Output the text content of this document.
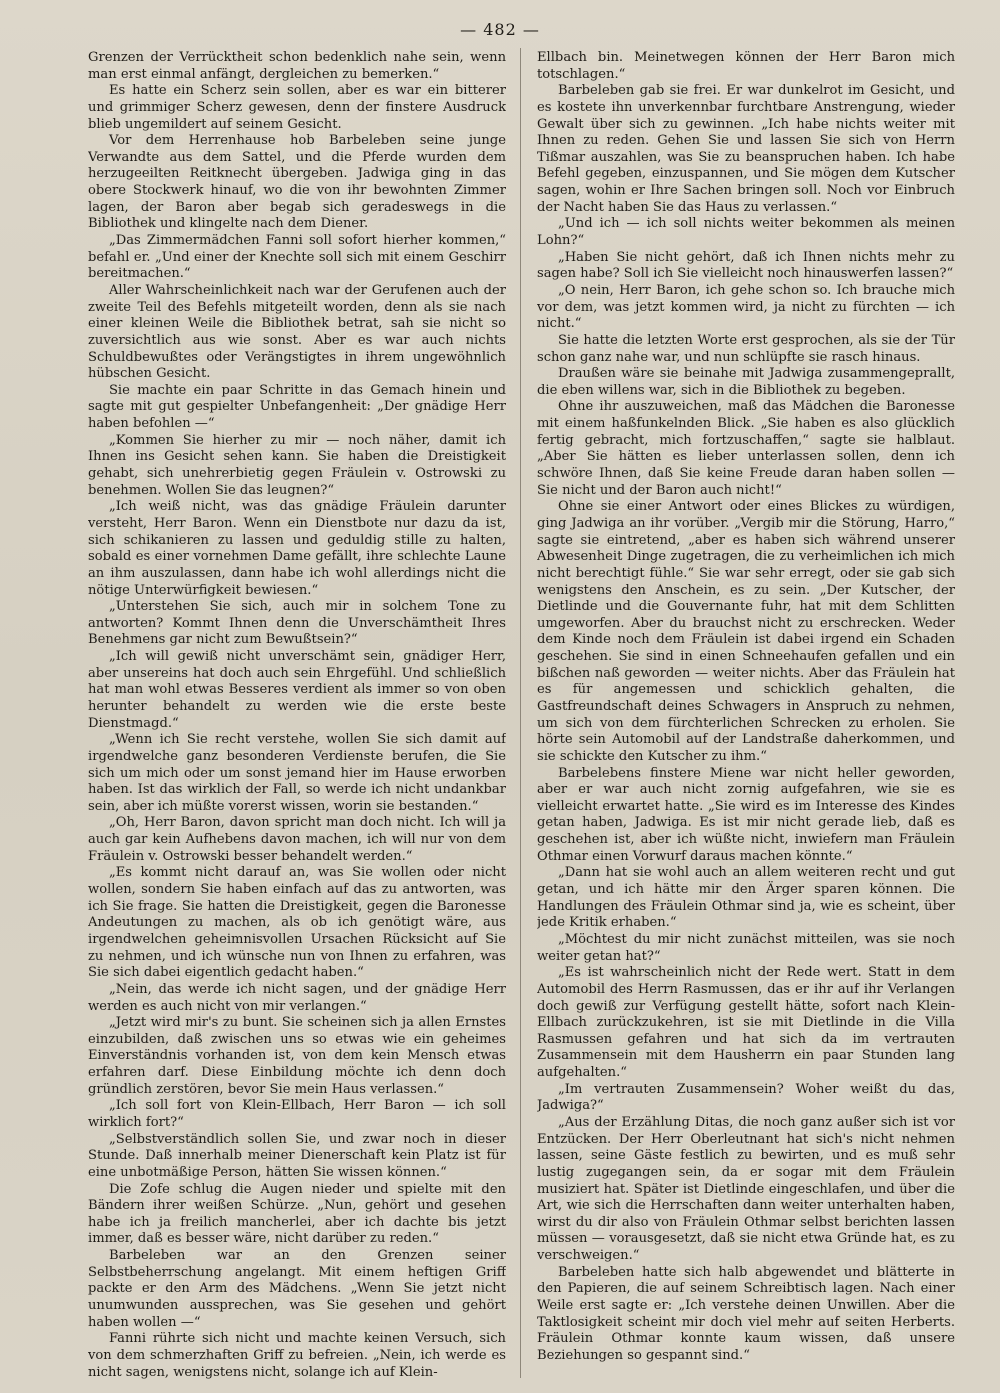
— 482 —

Grenzen der Verrücktheit schon bedenklich nahe sein, wenn man erst einmal anfängt, dergleichen zu bemerken.“

Es hatte ein Scherz sein sollen, aber es war ein bitterer und grimmiger Scherz gewesen, denn der finstere Ausdruck blieb ungemildert auf seinem Gesicht.

Vor dem Herrenhause hob Barbeleben seine junge Verwandte aus dem Sattel, und die Pferde wurden dem herzugeeilten Reitknecht übergeben. Jadwiga ging in das obere Stockwerk hinauf, wo die von ihr bewohnten Zimmer lagen, der Baron aber begab sich geradeswegs in die Bibliothek und klingelte nach dem Diener.

„Das Zimmermädchen Fanni soll sofort hierher kommen,“ befahl er. „Und einer der Knechte soll sich mit einem Geschirr bereitmachen.“

Aller Wahrscheinlichkeit nach war der Gerufenen auch der zweite Teil des Befehls mitgeteilt worden, denn als sie nach einer kleinen Weile die Bibliothek betrat, sah sie nicht so zuversichtlich aus wie sonst. Aber es war auch nichts Schuldbewußtes oder Verängstigtes in ihrem ungewöhnlich hübschen Gesicht.

Sie machte ein paar Schritte in das Gemach hinein und sagte mit gut gespielter Unbefangenheit: „Der gnädige Herr haben befohlen —“

„Kommen Sie hierher zu mir — noch näher, damit ich Ihnen ins Gesicht sehen kann. Sie haben die Dreistigkeit gehabt, sich unehrerbietig gegen Fräulein v. Ostrowski zu benehmen. Wollen Sie das leugnen?“

„Ich weiß nicht, was das gnädige Fräulein darunter versteht, Herr Baron. Wenn ein Dienstbote nur dazu da ist, sich schikanieren zu lassen und geduldig stille zu halten, sobald es einer vornehmen Dame gefällt, ihre schlechte Laune an ihm auszulassen, dann habe ich wohl allerdings nicht die nötige Unterwürfigkeit bewiesen.“

„Unterstehen Sie sich, auch mir in solchem Tone zu antworten? Kommt Ihnen denn die Unverschämtheit Ihres Benehmens gar nicht zum Bewußtsein?“

„Ich will gewiß nicht unverschämt sein, gnädiger Herr, aber unsereins hat doch auch sein Ehrgefühl. Und schließlich hat man wohl etwas Besseres verdient als immer so von oben herunter behandelt zu werden wie die erste beste Dienstmagd.“

„Wenn ich Sie recht verstehe, wollen Sie sich damit auf irgendwelche ganz besonderen Verdienste berufen, die Sie sich um mich oder um sonst jemand hier im Hause erworben haben. Ist das wirklich der Fall, so werde ich nicht undankbar sein, aber ich müßte vorerst wissen, worin sie bestanden.“

„Oh, Herr Baron, davon spricht man doch nicht. Ich will ja auch gar kein Aufhebens davon machen, ich will nur von dem Fräulein v. Ostrowski besser behandelt werden.“

„Es kommt nicht darauf an, was Sie wollen oder nicht wollen, sondern Sie haben einfach auf das zu antworten, was ich Sie frage. Sie hatten die Dreistigkeit, gegen die Baronesse Andeutungen zu machen, als ob ich genötigt wäre, aus irgendwelchen geheimnisvollen Ursachen Rücksicht auf Sie zu nehmen, und ich wünsche nun von Ihnen zu erfahren, was Sie sich dabei eigentlich gedacht haben.“

„Nein, das werde ich nicht sagen, und der gnädige Herr werden es auch nicht von mir verlangen.“

„Jetzt wird mir's zu bunt. Sie scheinen sich ja allen Ernstes einzubilden, daß zwischen uns so etwas wie ein geheimes Einverständnis vorhanden ist, von dem kein Mensch etwas erfahren darf. Diese Einbildung möchte ich denn doch gründlich zerstören, bevor Sie mein Haus verlassen.“

„Ich soll fort von Klein-Ellbach, Herr Baron — ich soll wirklich fort?“

„Selbstverständlich sollen Sie, und zwar noch in dieser Stunde. Daß innerhalb meiner Dienerschaft kein Platz ist für eine unbotmäßige Person, hätten Sie wissen können.“

Die Zofe schlug die Augen nieder und spielte mit den Bändern ihrer weißen Schürze. „Nun, gehört und gesehen habe ich ja freilich mancherlei, aber ich dachte bis jetzt immer, daß es besser wäre, nicht darüber zu reden.“

Barbeleben war an den Grenzen seiner Selbstbeherrschung angelangt. Mit einem heftigen Griff packte er den Arm des Mädchens. „Wenn Sie jetzt nicht unumwunden aussprechen, was Sie gesehen und gehört haben wollen —“

Fanni rührte sich nicht und machte keinen Versuch, sich von dem schmerzhaften Griff zu befreien. „Nein, ich werde es nicht sagen, wenigstens nicht, solange ich auf Klein-

Ellbach bin. Meinetwegen können der Herr Baron mich totschlagen.“

Barbeleben gab sie frei. Er war dunkelrot im Gesicht, und es kostete ihn unverkennbar furchtbare Anstrengung, wieder Gewalt über sich zu gewinnen. „Ich habe nichts weiter mit Ihnen zu reden. Gehen Sie und lassen Sie sich von Herrn Tißmar auszahlen, was Sie zu beanspruchen haben. Ich habe Befehl gegeben, einzuspannen, und Sie mögen dem Kutscher sagen, wohin er Ihre Sachen bringen soll. Noch vor Einbruch der Nacht haben Sie das Haus zu verlassen.“

„Und ich — ich soll nichts weiter bekommen als meinen Lohn?“

„Haben Sie nicht gehört, daß ich Ihnen nichts mehr zu sagen habe? Soll ich Sie vielleicht noch hinauswerfen lassen?“

„O nein, Herr Baron, ich gehe schon so. Ich brauche mich vor dem, was jetzt kommen wird, ja nicht zu fürchten — ich nicht.“

Sie hatte die letzten Worte erst gesprochen, als sie der Tür schon ganz nahe war, und nun schlüpfte sie rasch hinaus.

Draußen wäre sie beinahe mit Jadwiga zusammengeprallt, die eben willens war, sich in die Bibliothek zu begeben.

Ohne ihr auszuweichen, maß das Mädchen die Baronesse mit einem haßfunkelnden Blick. „Sie haben es also glücklich fertig gebracht, mich fortzuschaffen,“ sagte sie halblaut. „Aber Sie hätten es lieber unterlassen sollen, denn ich schwöre Ihnen, daß Sie keine Freude daran haben sollen — Sie nicht und der Baron auch nicht!“

Ohne sie einer Antwort oder eines Blickes zu würdigen, ging Jadwiga an ihr vorüber. „Vergib mir die Störung, Harro,“ sagte sie eintretend, „aber es haben sich während unserer Abwesenheit Dinge zugetragen, die zu verheimlichen ich mich nicht berechtigt fühle.“ Sie war sehr erregt, oder sie gab sich wenigstens den Anschein, es zu sein. „Der Kutscher, der Dietlinde und die Gouvernante fuhr, hat mit dem Schlitten umgeworfen. Aber du brauchst nicht zu erschrecken. Weder dem Kinde noch dem Fräulein ist dabei irgend ein Schaden geschehen. Sie sind in einen Schneehaufen gefallen und ein bißchen naß geworden — weiter nichts. Aber das Fräulein hat es für angemessen und schicklich gehalten, die Gastfreundschaft deines Schwagers in Anspruch zu nehmen, um sich von dem fürchterlichen Schrecken zu erholen. Sie hörte sein Automobil auf der Landstraße daherkommen, und sie schickte den Kutscher zu ihm.“

Barbelebens finstere Miene war nicht heller geworden, aber er war auch nicht zornig aufgefahren, wie sie es vielleicht erwartet hatte. „Sie wird es im Interesse des Kindes getan haben, Jadwiga. Es ist mir nicht gerade lieb, daß es geschehen ist, aber ich wüßte nicht, inwiefern man Fräulein Othmar einen Vorwurf daraus machen könnte.“

„Dann hat sie wohl auch an allem weiteren recht und gut getan, und ich hätte mir den Ärger sparen können. Die Handlungen des Fräulein Othmar sind ja, wie es scheint, über jede Kritik erhaben.“

„Möchtest du mir nicht zunächst mitteilen, was sie noch weiter getan hat?“

„Es ist wahrscheinlich nicht der Rede wert. Statt in dem Automobil des Herrn Rasmussen, das er ihr auf ihr Verlangen doch gewiß zur Verfügung gestellt hätte, sofort nach Klein-Ellbach zurückzukehren, ist sie mit Dietlinde in die Villa Rasmussen gefahren und hat sich da im vertrauten Zusammensein mit dem Hausherrn ein paar Stunden lang aufgehalten.“

„Im vertrauten Zusammensein? Woher weißt du das, Jadwiga?“

„Aus der Erzählung Ditas, die noch ganz außer sich ist vor Entzücken. Der Herr Oberleutnant hat sich's nicht nehmen lassen, seine Gäste festlich zu bewirten, und es muß sehr lustig zugegangen sein, da er sogar mit dem Fräulein musiziert hat. Später ist Dietlinde eingeschlafen, und über die Art, wie sich die Herrschaften dann weiter unterhalten haben, wirst du dir also von Fräulein Othmar selbst berichten lassen müssen — vorausgesetzt, daß sie nicht etwa Gründe hat, es zu verschweigen.“

Barbeleben hatte sich halb abgewendet und blätterte in den Papieren, die auf seinem Schreibtisch lagen. Nach einer Weile erst sagte er: „Ich verstehe deinen Unwillen. Aber die Taktlosigkeit scheint mir doch viel mehr auf seiten Herberts. Fräulein Othmar konnte kaum wissen, daß unsere Beziehungen so gespannt sind.“
